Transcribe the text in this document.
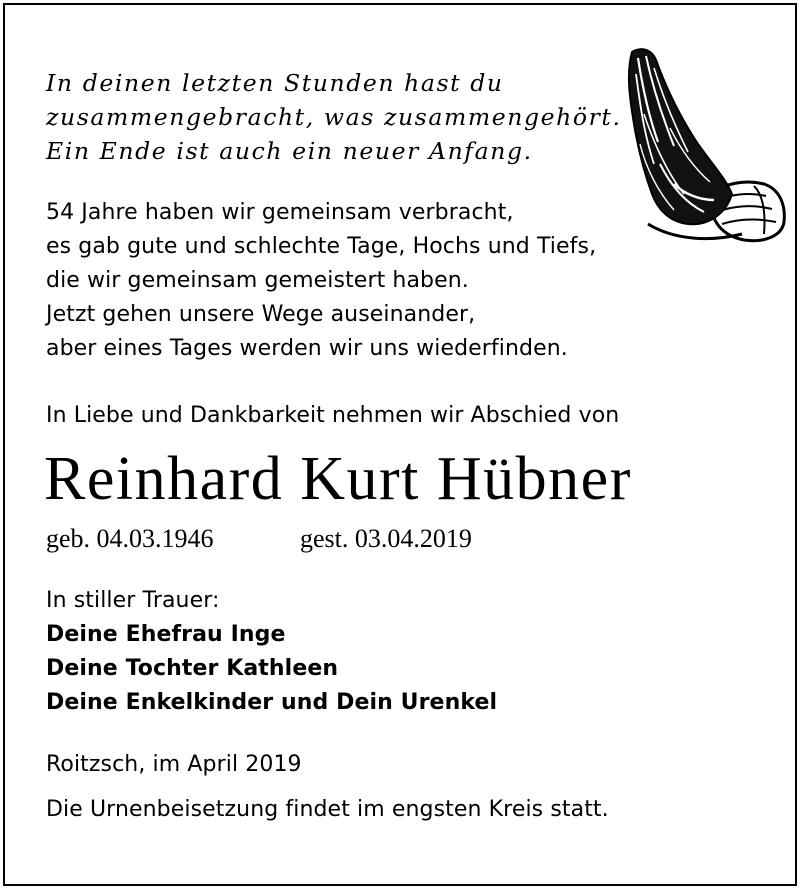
In deinen letzten Stunden hast du
zusammengebracht, was zusammengehört.
Ein Ende ist auch ein neuer Anfang.
54 Jahre haben wir gemeinsam verbracht,
es gab gute und schlechte Tage, Hochs und Tiefs,
die wir gemeinsam gemeistert haben.
Jetzt gehen unsere Wege auseinander,
aber eines Tages werden wir uns wiederfinden.
In Liebe und Dankbarkeit nehmen wir Abschied von
Reinhard Kurt Hübner
geb. 04.03.1946	gest. 03.04.2019
In stiller Trauer:
Deine Ehefrau Inge
Deine Tochter Kathleen
Deine Enkelkinder und Dein Urenkel
Roitzsch, im April 2019
Die Urnenbeisetzung findet im engsten Kreis statt.
